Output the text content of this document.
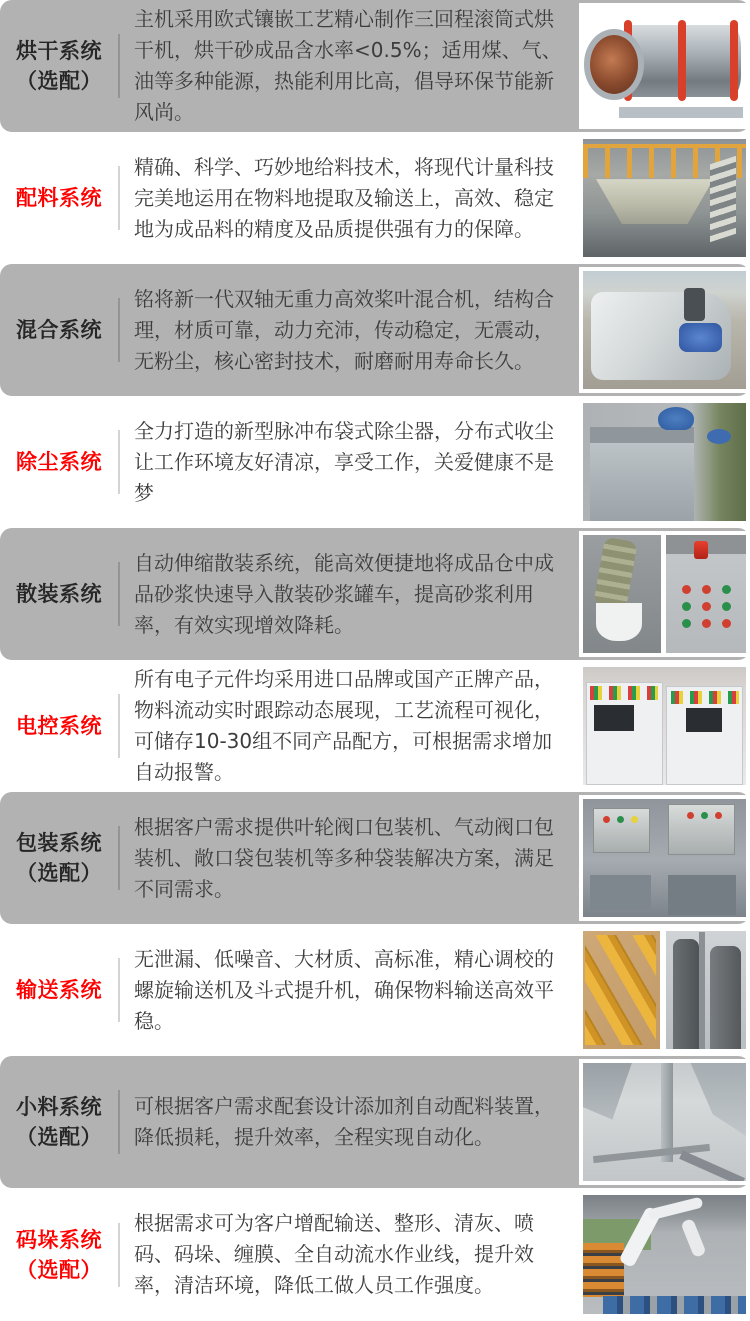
烘干系统
（选配）
主机采用欧式镶嵌工艺精心制作三回程滚筒式烘干机，烘干砂成品含水率<0.5%；适用煤、气、油等多种能源，热能利用比高，倡导环保节能新风尚。
配料系统
精确、科学、巧妙地给料技术，将现代计量科技完美地运用在物料地提取及输送上，高效、稳定地为成品料的精度及品质提供强有力的保障。
混合系统
铭将新一代双轴无重力高效桨叶混合机，结构合理，材质可靠，动力充沛，传动稳定，无震动，无粉尘，核心密封技术，耐磨耐用寿命长久。
除尘系统
全力打造的新型脉冲布袋式除尘器，分布式收尘让工作环境友好清凉，享受工作，关爱健康不是梦
散装系统
自动伸缩散装系统，能高效便捷地将成品仓中成品砂浆快速导入散装砂浆罐车，提高砂浆利用率，有效实现增效降耗。
电控系统
所有电子元件均采用进口品牌或国产正牌产品，物料流动实时跟踪动态展现，工艺流程可视化，可储存10-30组不同产品配方，可根据需求增加自动报警。
包装系统
（选配）
根据客户需求提供叶轮阀口包装机、气动阀口包装机、敞口袋包装机等多种袋装解决方案，满足不同需求。
输送系统
无泄漏、低噪音、大材质、高标准，精心调校的螺旋输送机及斗式提升机，确保物料输送高效平稳。
小料系统
（选配）
可根据客户需求配套设计添加剂自动配料装置，降低损耗，提升效率，全程实现自动化。
码垛系统
（选配）
根据需求可为客户增配输送、整形、清灰、喷码、码垛、缠膜、全自动流水作业线，提升效率，清洁环境，降低工做人员工作强度。
